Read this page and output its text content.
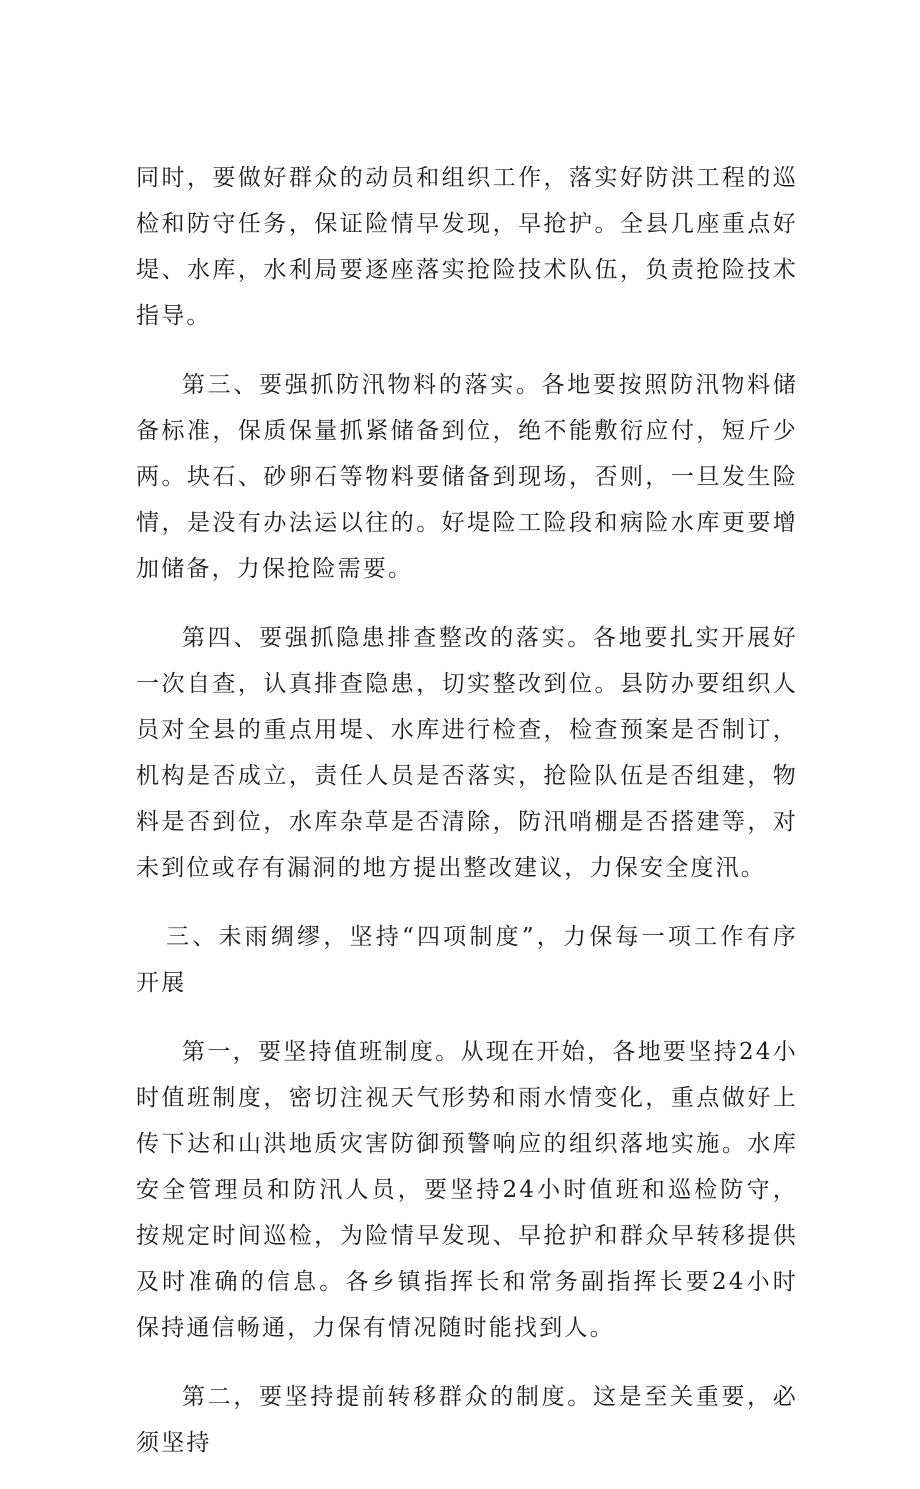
同时，要做好群众的动员和组织工作，落实好防洪工程的巡检和防守任务，保证险情早发现，早抢护。全县几座重点好堤、水库，水利局要逐座落实抢险技术队伍，负责抢险技术指导。

第三、要强抓防汛物料的落实。各地要按照防汛物料储备标准，保质保量抓紧储备到位，绝不能敷衍应付，短斤少两。块石、砂卵石等物料要储备到现场，否则，一旦发生险情，是没有办法运以往的。好堤险工险段和病险水库更要增加储备，力保抢险需要。

第四、要强抓隐患排查整改的落实。各地要扎实开展好一次自查，认真排查隐患，切实整改到位。县防办要组织人员对全县的重点用堤、水库进行检查，检查预案是否制订，机构是否成立，责任人员是否落实，抢险队伍是否组建，物料是否到位，水库杂草是否清除，防汛哨棚是否搭建等，对未到位或存有漏洞的地方提出整改建议，力保安全度汛。

三、未雨绸缪，坚持“四项制度”，力保每一项工作有序开展

第一，要坚持值班制度。从现在开始，各地要坚持24小时值班制度，密切注视天气形势和雨水情变化，重点做好上传下达和山洪地质灾害防御预警响应的组织落地实施。水库安全管理员和防汛人员，要坚持24小时值班和巡检防守，按规定时间巡检，为险情早发现、早抢护和群众早转移提供及时准确的信息。各乡镇指挥长和常务副指挥长要24小时保持通信畅通，力保有情况随时能找到人。

第二，要坚持提前转移群众的制度。这是至关重要，必须坚持
